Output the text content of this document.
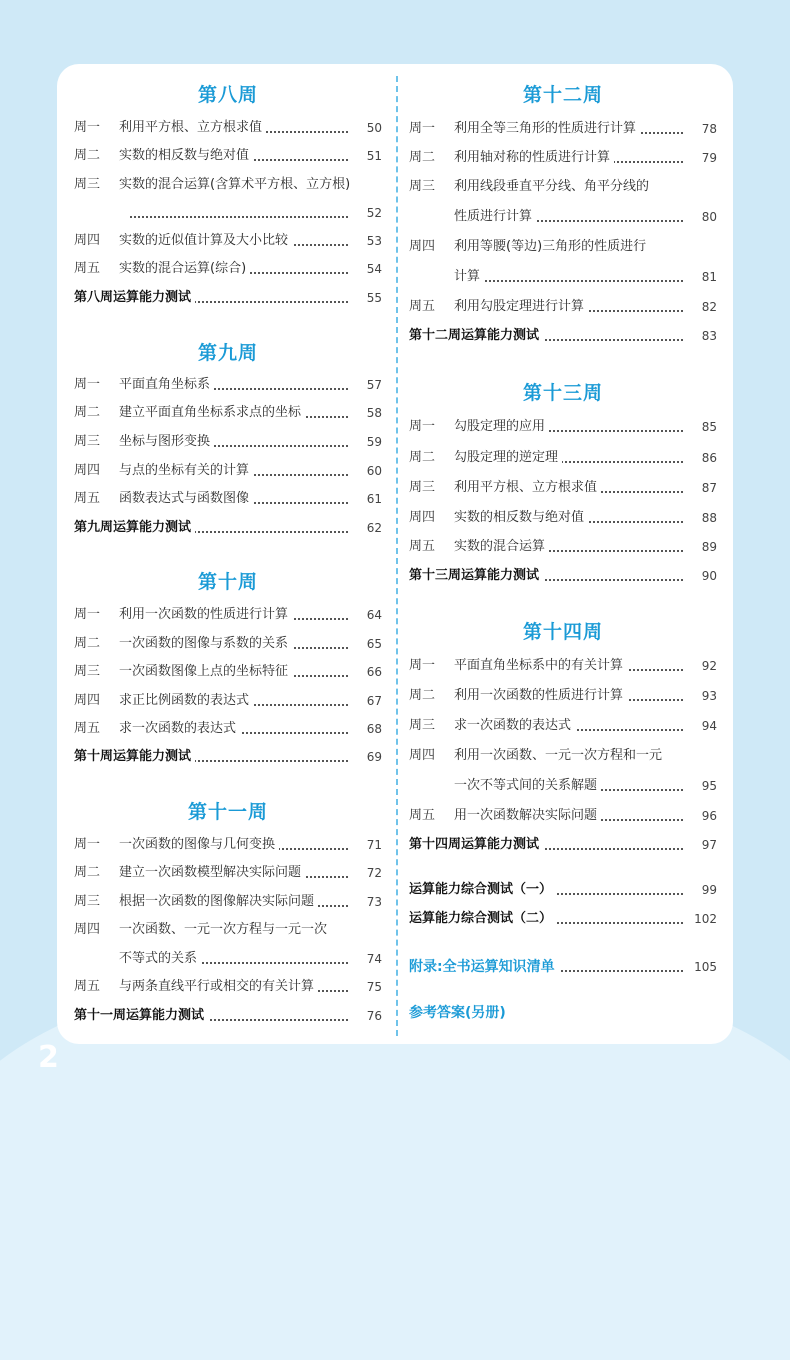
2
第八周
周一	利用平方根、立方根求值	50
周二	实数的相反数与绝对值	51
周三	实数的混合运算(含算术平方根、立方根)
52
周四	实数的近似值计算及大小比较	53
周五	实数的混合运算(综合)	54
第八周运算能力测试	55
第九周
周一	平面直角坐标系	57
周二	建立平面直角坐标系求点的坐标	58
周三	坐标与图形变换	59
周四	与点的坐标有关的计算	60
周五	函数表达式与函数图像	61
第九周运算能力测试	62
第十周
周一	利用一次函数的性质进行计算	64
周二	一次函数的图像与系数的关系	65
周三	一次函数图像上点的坐标特征	66
周四	求正比例函数的表达式	67
周五	求一次函数的表达式	68
第十周运算能力测试	69
第十一周
周一	一次函数的图像与几何变换	71
周二	建立一次函数模型解决实际问题	72
周三	根据一次函数的图像解决实际问题	73
周四	一次函数、一元一次方程与一元一次
不等式的关系	74
周五	与两条直线平行或相交的有关计算	75
第十一周运算能力测试	76
第十二周
周一	利用全等三角形的性质进行计算	78
周二	利用轴对称的性质进行计算	79
周三	利用线段垂直平分线、角平分线的
性质进行计算	80
周四	利用等腰(等边)三角形的性质进行
计算	81
周五	利用勾股定理进行计算	82
第十二周运算能力测试	83
第十三周
周一	勾股定理的应用	85
周二	勾股定理的逆定理	86
周三	利用平方根、立方根求值	87
周四	实数的相反数与绝对值	88
周五	实数的混合运算	89
第十三周运算能力测试	90
第十四周
周一	平面直角坐标系中的有关计算	92
周二	利用一次函数的性质进行计算	93
周三	求一次函数的表达式	94
周四	利用一次函数、一元一次方程和一元
一次不等式间的关系解题	95
周五	用一次函数解决实际问题	96
第十四周运算能力测试	97
运算能力综合测试（一）	99
运算能力综合测试（二）	102
附录:全书运算知识清单	105
参考答案(另册)
